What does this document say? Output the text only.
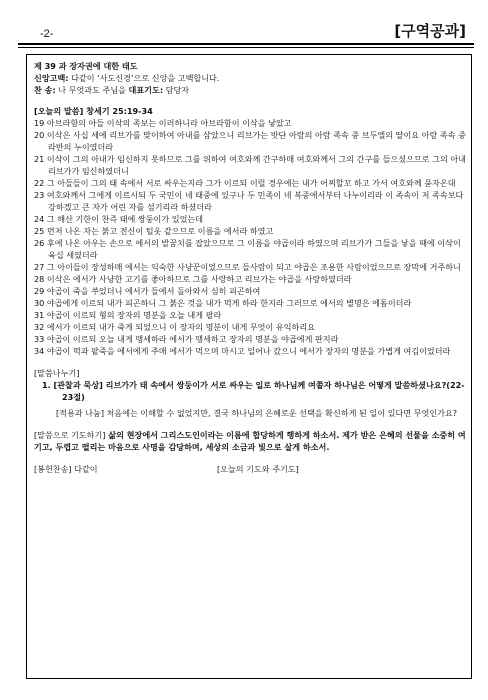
-2-	[구역공과]

제 39 과 장자권에 대한 태도

신앙고백: 다같이 ‘사도신경’으로 신앙을 고백합니다.

찬 송: 나 무엇과도 주님을 대표기도: 담당자

[오늘의 말씀] 창세기 25:19-34

19 아브라함의 아들 이삭의 족보는 이러하니라 아브라함이 이삭을 낳았고

20 이삭은 사십 세에 리브가를 맞이하여 아내를 삼았으니 리브가는 밧단 아람의 아람 족속 중 브두엘의 딸이요 아람 족속 중 라반의 누이였더라

21 이삭이 그의 아내가 임신하지 못하므로 그를 위하여 여호와께 간구하매 여호와께서 그의 간구를 들으셨으므로 그의 아내 리브가가 임신하였더니

22 그 아들들이 그의 태 속에서 서로 싸우는지라 그가 이르되 이럴 경우에는 내가 어찌할꼬 하고 가서 여호와께 묻자온대

23 여호와께서 그에게 이르시되 두 국민이 네 태중에 있구나 두 민족이 네 복중에서부터 나누이리라 이 족속이 저 족속보다 강하겠고 큰 자가 어린 자를 섬기리라 하셨더라

24 그 해산 기한이 찬즉 태에 쌍둥이가 있었는데

25 먼저 나온 자는 붉고 전신이 털옷 같으므로 이름을 에서라 하였고

26 후에 나온 아우는 손으로 에서의 발꿈치를 잡았으므로 그 이름을 야곱이라 하였으며 리브가가 그들을 낳을 때에 이삭이 육십 세였더라

27 그 아이들이 장성하매 에서는 익숙한 사냥꾼이었으므로 들사람이 되고 야곱은 조용한 사람이었으므로 장막에 거주하니

28 이삭은 에서가 사냥한 고기를 좋아하므로 그를 사랑하고 리브가는 야곱을 사랑하였더라

29 야곱이 죽을 쑤었더니 에서가 들에서 돌아와서 심히 피곤하여

30 야곱에게 이르되 내가 피곤하니 그 붉은 것을 내가 먹게 하라 한지라 그러므로 에서의 별명은 에돔이더라

31 야곱이 이르되 형의 장자의 명분을 오늘 내게 팔라

32 에서가 이르되 내가 죽게 되었으니 이 장자의 명분이 내게 무엇이 유익하리요

33 야곱이 이르되 오늘 내게 맹세하라 에서가 맹세하고 장자의 명분을 야곱에게 판지라

34 야곱이 떡과 팥죽을 에서에게 주매 에서가 먹으며 마시고 일어나 갔으니 에서가 장자의 명분을 가볍게 여김이었더라

[말씀나누기]

1. [관찰과 묵상] 리브가가 태 속에서 쌍둥이가 서로 싸우는 일로 하나님께 여쭙자 하나님은 어떻게 말씀하셨나요?(22-23절)

[적용과 나눔] 처음에는 이해할 수 없었지만, 결국 하나님의 은혜로운 선택을 확신하게 된 일이 있다면 무엇인가요?

[말씀으로 기도하기] 삶의 현장에서 그리스도인이라는 이름에 합당하게 행하게 하소서. 제가 받은 은혜의 선물을 소중히 여기고, 두렵고 떨리는 마음으로 사명을 감당하며, 세상의 소금과 빛으로 살게 하소서.

[봉헌찬송] 다같이	[오늘의 기도와 주기도]
